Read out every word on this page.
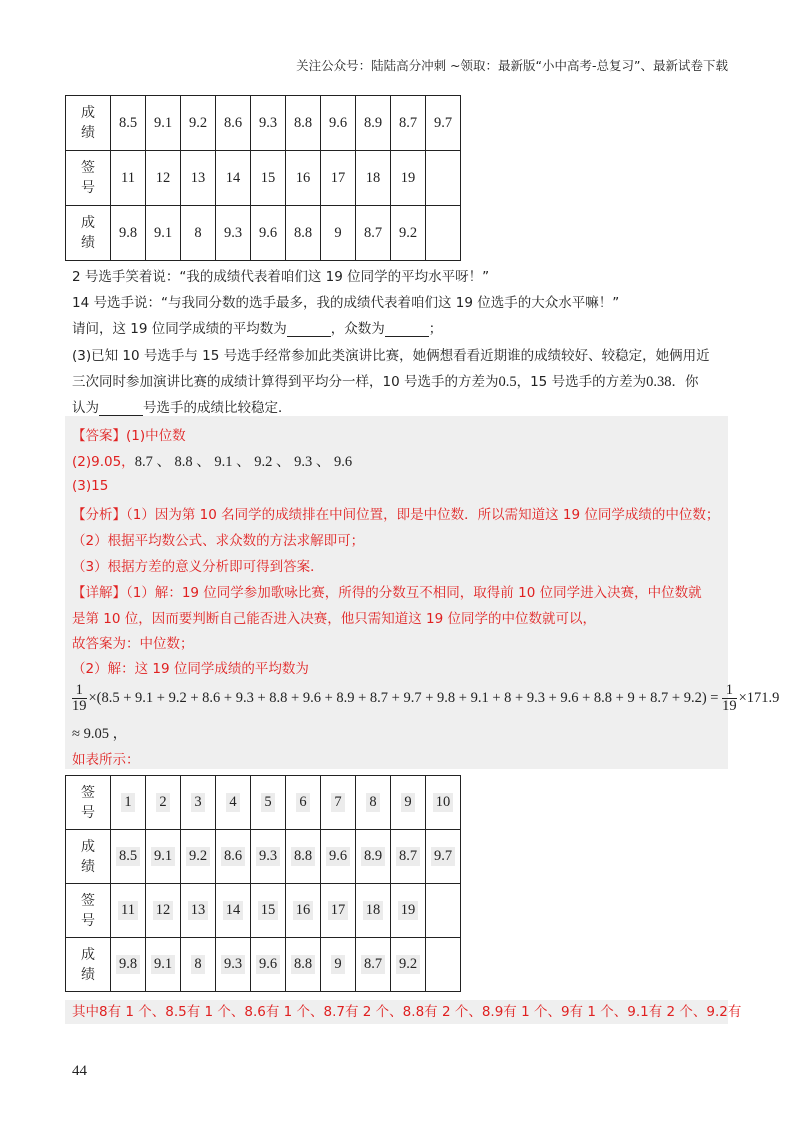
关注公众号：陆陆高分冲刺 ~领取：最新版“小中高考-总复习”、最新试卷下载
成
绩	8.5	9.1	9.2	8.6	9.3	8.8	9.6	8.9	8.7	9.7

签
号	11	12	13	14	15	16	17	18	19	

成
绩	9.8	9.1	8	9.3	9.6	8.8	9	8.7	9.2	
2 号选手笑着说：“我的成绩代表着咱们这 19 位同学的平均水平呀！”
14 号选手说：“与我同分数的选手最多，我的成绩代表着咱们这 19 位选手的大众水平嘛！”
请问，这 19 位同学成绩的平均数为	，众数为	；
(3)已知 10 号选手与 15 号选手经常参加此类演讲比赛，她俩想看看近期谁的成绩较好、较稳定，她俩用近
三次同时参加演讲比赛的成绩计算得到平均分一样，10 号选手的方差为0.5，15 号选手的方差为0.38．你
认为	号选手的成绩比较稳定．
【答案】(1)中位数
(2)9.05，8.7 、 8.8 、 9.1 、 9.2 、 9.3 、 9.6
(3)15
【分析】（1）因为第 10 名同学的成绩排在中间位置，即是中位数．所以需知道这 19 位同学成绩的中位数；
（2）根据平均数公式、求众数的方法求解即可；
（3）根据方差的意义分析即可得到答案．
【详解】（1）解：19 位同学参加歌咏比赛，所得的分数互不相同，取得前 10 位同学进入决赛，中位数就
是第 10 位，因而要判断自己能否进入决赛，他只需知道这 19 位同学的中位数就可以，
故答案为：中位数；
（2）解：这 19 位同学成绩的平均数为
$\frac{1}{19} \times(8.5 + 9.1 + 9.2 + 8.6 + 9.3 + 8.8 + 9.6 + 8.9 + 8.7 + 9.7 + 9.8 + 9.1 + 8 + 9.3 + 9.6 + 8.8 + 9 + 8.7 + 9.2) = \frac{1}{19} \times 171.9$
≈ 9.05 ，
如表所示：
签
号	1	2	3	4	5	6	7	8	9	10

成
绩	8.5	9.1	9.2	8.6	9.3	8.8	9.6	8.9	8.7	9.7

签
号	11	12	13	14	15	16	17	18	19	

成
绩	9.8	9.1	8	9.3	9.6	8.8	9	8.7	9.2	
其中8有 1 个、8.5有 1 个、8.6有 1 个、8.7有 2 个、8.8有 2 个、8.9有 1 个、9有 1 个、9.1有 2 个、9.2有
44
